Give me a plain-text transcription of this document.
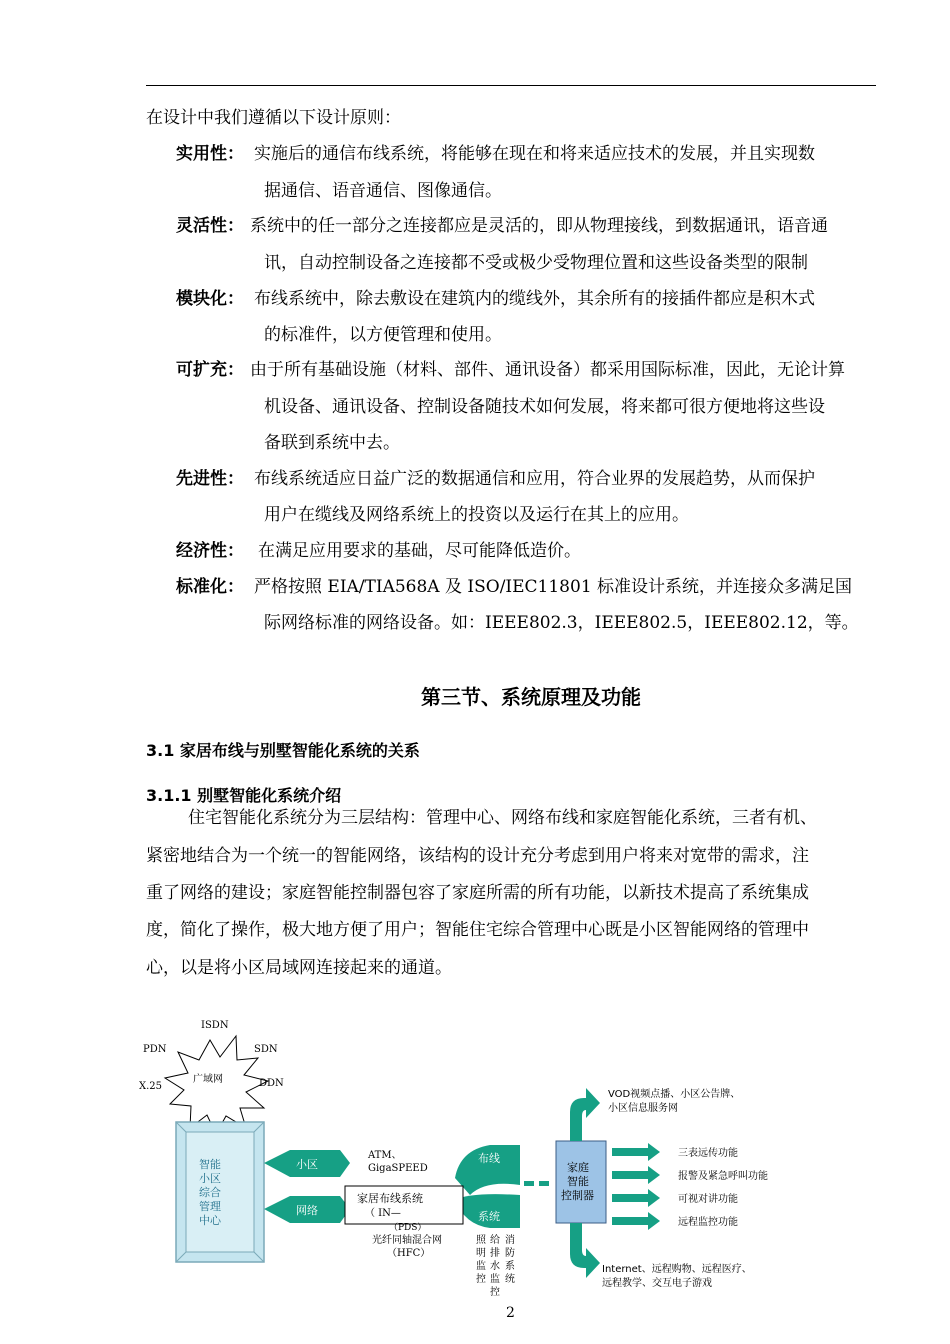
在设计中我们遵循以下设计原则：
实用性： 实施后的通信布线系统，将能够在现在和将来适应技术的发展，并且实现数
据通信、语音通信、图像通信。
灵活性： 系统中的任一部分之连接都应是灵活的，即从物理接线，到数据通讯，语音通
讯，自动控制设备之连接都不受或极少受物理位置和这些设备类型的限制
模块化： 布线系统中，除去敷设在建筑内的缆线外，其余所有的接插件都应是积木式
的标准件，以方便管理和使用。
可扩充： 由于所有基础设施（材料、部件、通讯设备）都采用国际标准，因此，无论计算
机设备、通讯设备、控制设备随技术如何发展，将来都可很方便地将这些设
备联到系统中去。
先进性： 布线系统适应日益广泛的数据通信和应用，符合业界的发展趋势，从而保护
用户在缆线及网络系统上的投资以及运行在其上的应用。
经济性： 在满足应用要求的基础，尽可能降低造价。
标准化： 严格按照 EIA/TIA568A 及 ISO/IEC11801 标准设计系统，并连接众多满足国
际网络标准的网络设备。如：IEEE802.3，IEEE802.5，IEEE802.12，等。
第三节、系统原理及功能
3.1 家居布线与别墅智能化系统的关系
3.1.1 别墅智能化系统介绍
住宅智能化系统分为三层结构：管理中心、网络布线和家庭智能化系统，三者有机、
紧密地结合为一个统一的智能网络，该结构的设计充分考虑到用户将来对宽带的需求，注
重了网络的建设；家庭智能控制器包容了家庭所需的所有功能，以新技术提高了系统集成
度，简化了操作，极大地方便了用户；智能住宅综合管理中心既是小区智能网络的管理中
心，以是将小区局域网连接起来的通道。
广域网
ISDN
PDN	SDN
X.25	DDN
智能
小区
综合
管理
中心
小区
网络
布线
系统
家居布线系统
（ IN—
（PDS）
ATM、
GigaSPEED
光纤同轴混合网
（HFC）
照
明
监
控
给
排
水
监
控
消
防
系
统
家庭
智能
控制器
三表远传功能
报警及紧急呼叫功能
可视对讲功能
远程监控功能
VOD视频点播、小区公告牌、
小区信息服务网
Internet、远程购物、远程医疗、
远程教学、交互电子游戏
2
